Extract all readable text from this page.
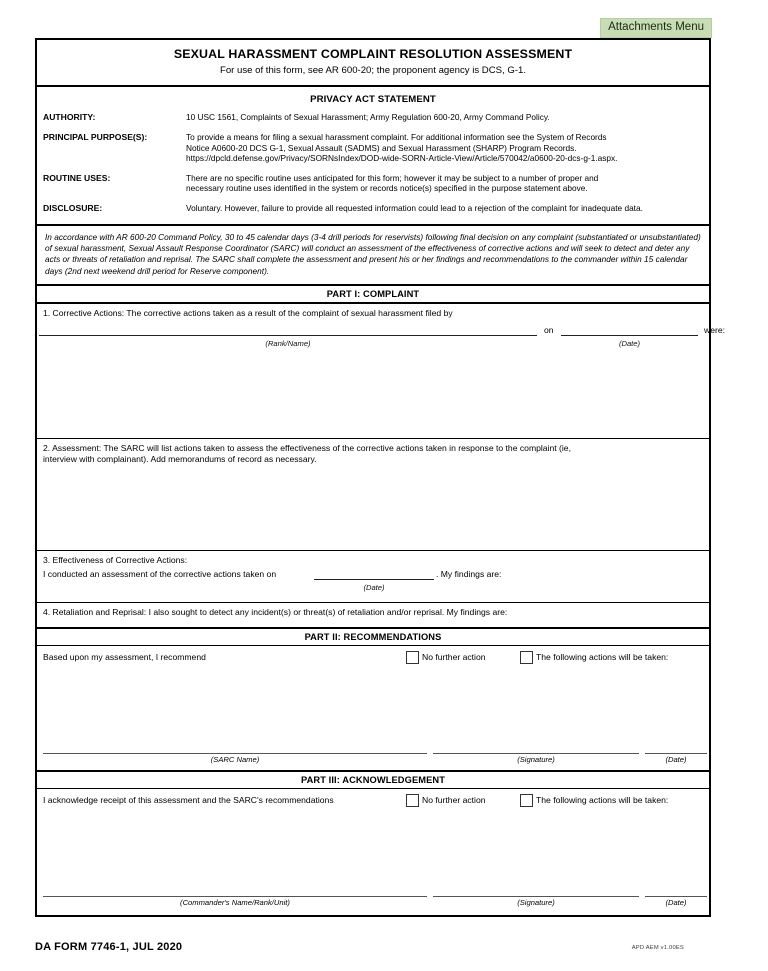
Attachments Menu
SEXUAL HARASSMENT COMPLAINT RESOLUTION ASSESSMENT
For use of this form, see AR 600-20; the proponent agency is DCS, G-1.
PRIVACY ACT STATEMENT
AUTHORITY:	10 USC 1561, Complaints of Sexual Harassment; Army Regulation 600-20, Army Command Policy.
PRINCIPAL PURPOSE(S):	To provide a means for filing a sexual harassment complaint. For additional information see the System of Records
Notice A0600-20 DCS G-1, Sexual Assault (SADMS) and Sexual Harassment (SHARP) Program Records.
https://dpcld.defense.gov/Privacy/SORNsIndex/DOD-wide-SORN-Article-View/Article/570042/a0600-20-dcs-g-1.aspx.
ROUTINE USES:	There are no specific routine uses anticipated for this form; however it may be subject to a number of proper and
necessary routine uses identified in the system or records notice(s) specified in the purpose statement above.
DISCLOSURE:	Voluntary. However, failure to provide all requested information could lead to a rejection of the complaint for inadequate data.
In accordance with AR 600-20 Command Policy, 30 to 45 calendar days (3-4 drill periods for reservists) following final decision on any complaint (substantiated or unsubstantiated) of sexual harassment, Sexual Assault Response Coordinator (SARC) will conduct an assessment of the effectiveness of corrective actions and will seek to detect and deter any acts or threats of retaliation and reprisal. The SARC shall complete the assessment and present his or her findings and recommendations to the commander within 15 calendar days (2nd next weekend drill period for Reserve component).
PART I: COMPLAINT
1. Corrective Actions: The corrective actions taken as a result of the complaint of sexual harassment filed by
on	were:
(Rank/Name)	(Date)
2. Assessment: The SARC will list actions taken to assess the effectiveness of the corrective actions taken in response to the complaint (ie,
interview with complainant). Add memorandums of record as necessary.
3. Effectiveness of Corrective Actions:
I conducted an assessment of the corrective actions taken on	. My findings are:
(Date)
4. Retaliation and Reprisal: I also sought to detect any incident(s) or threat(s) of retaliation and/or reprisal. My findings are:
PART II: RECOMMENDATIONS
Based upon my assessment, I recommend	No further action	The following actions will be taken:
(SARC Name)	(Signature)	(Date)
PART III: ACKNOWLEDGEMENT
I acknowledge receipt of this assessment and the SARC's recommendations	No further action	The following actions will be taken:
(Commander's Name/Rank/Unit)	(Signature)	(Date)
DA FORM 7746-1, JUL 2020	APD AEM v1.00ES
